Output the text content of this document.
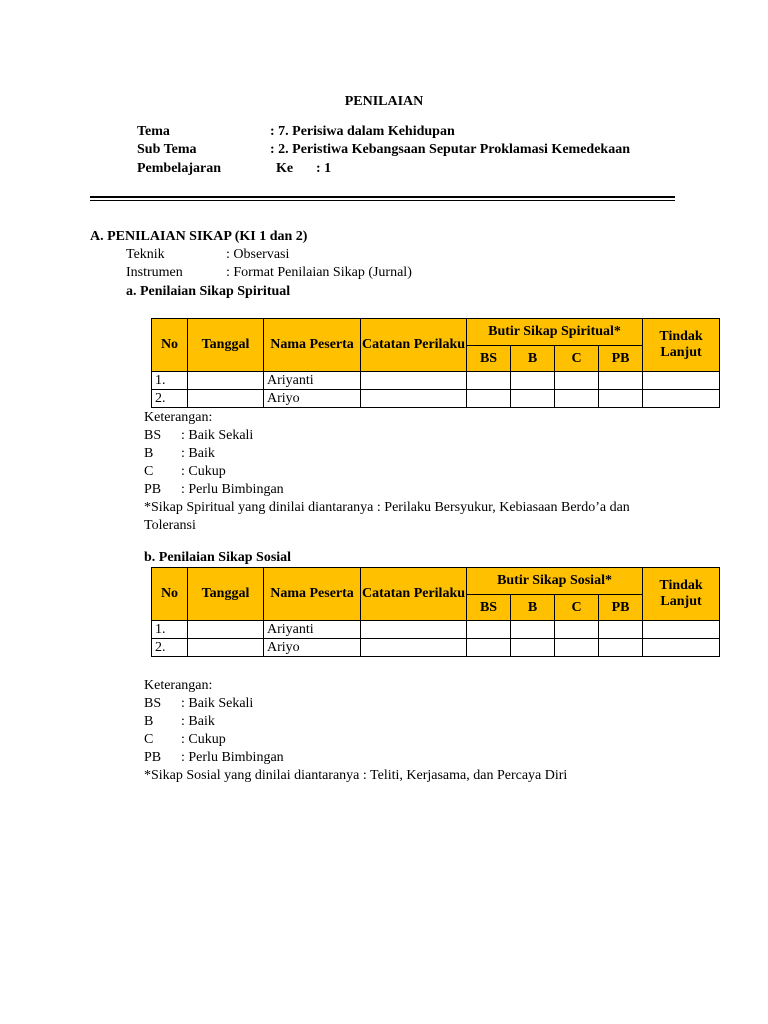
PENILAIAN
Tema	: 7. Perisiwa dalam Kehidupan
Sub Tema	: 2. Peristiwa Kebangsaan Seputar Proklamasi Kemedekaan
Pembelajaran	Ke : 1
A. PENILAIAN SIKAP (KI 1 dan 2)
Teknik	: Observasi
Instrumen	: Format Penilaian Sikap (Jurnal)
a. Penilaian Sikap Spiritual
No	Tanggal	Nama Peserta	Catatan Perilaku	Butir Sikap Spiritual*				Tindak Lanjut
				BS	B	C	PB	
1.		Ariyanti						
2.		Ariyo						
Keterangan:
BS : Baik Sekali
B : Baik
C : Cukup
PB : Perlu Bimbingan
*Sikap Spiritual yang dinilai diantaranya : Perilaku Bersyukur, Kebiasaan Berdo’a dan
Toleransi
b. Penilaian Sikap Sosial
No	Tanggal	Nama Peserta	Catatan Perilaku	Butir Sikap Sosial*				Tindak Lanjut
				BS	B	C	PB	
1.		Ariyanti						
2.		Ariyo						
Keterangan:
BS : Baik Sekali
B : Baik
C : Cukup
PB : Perlu Bimbingan
*Sikap Sosial yang dinilai diantaranya : Teliti, Kerjasama, dan Percaya Diri
